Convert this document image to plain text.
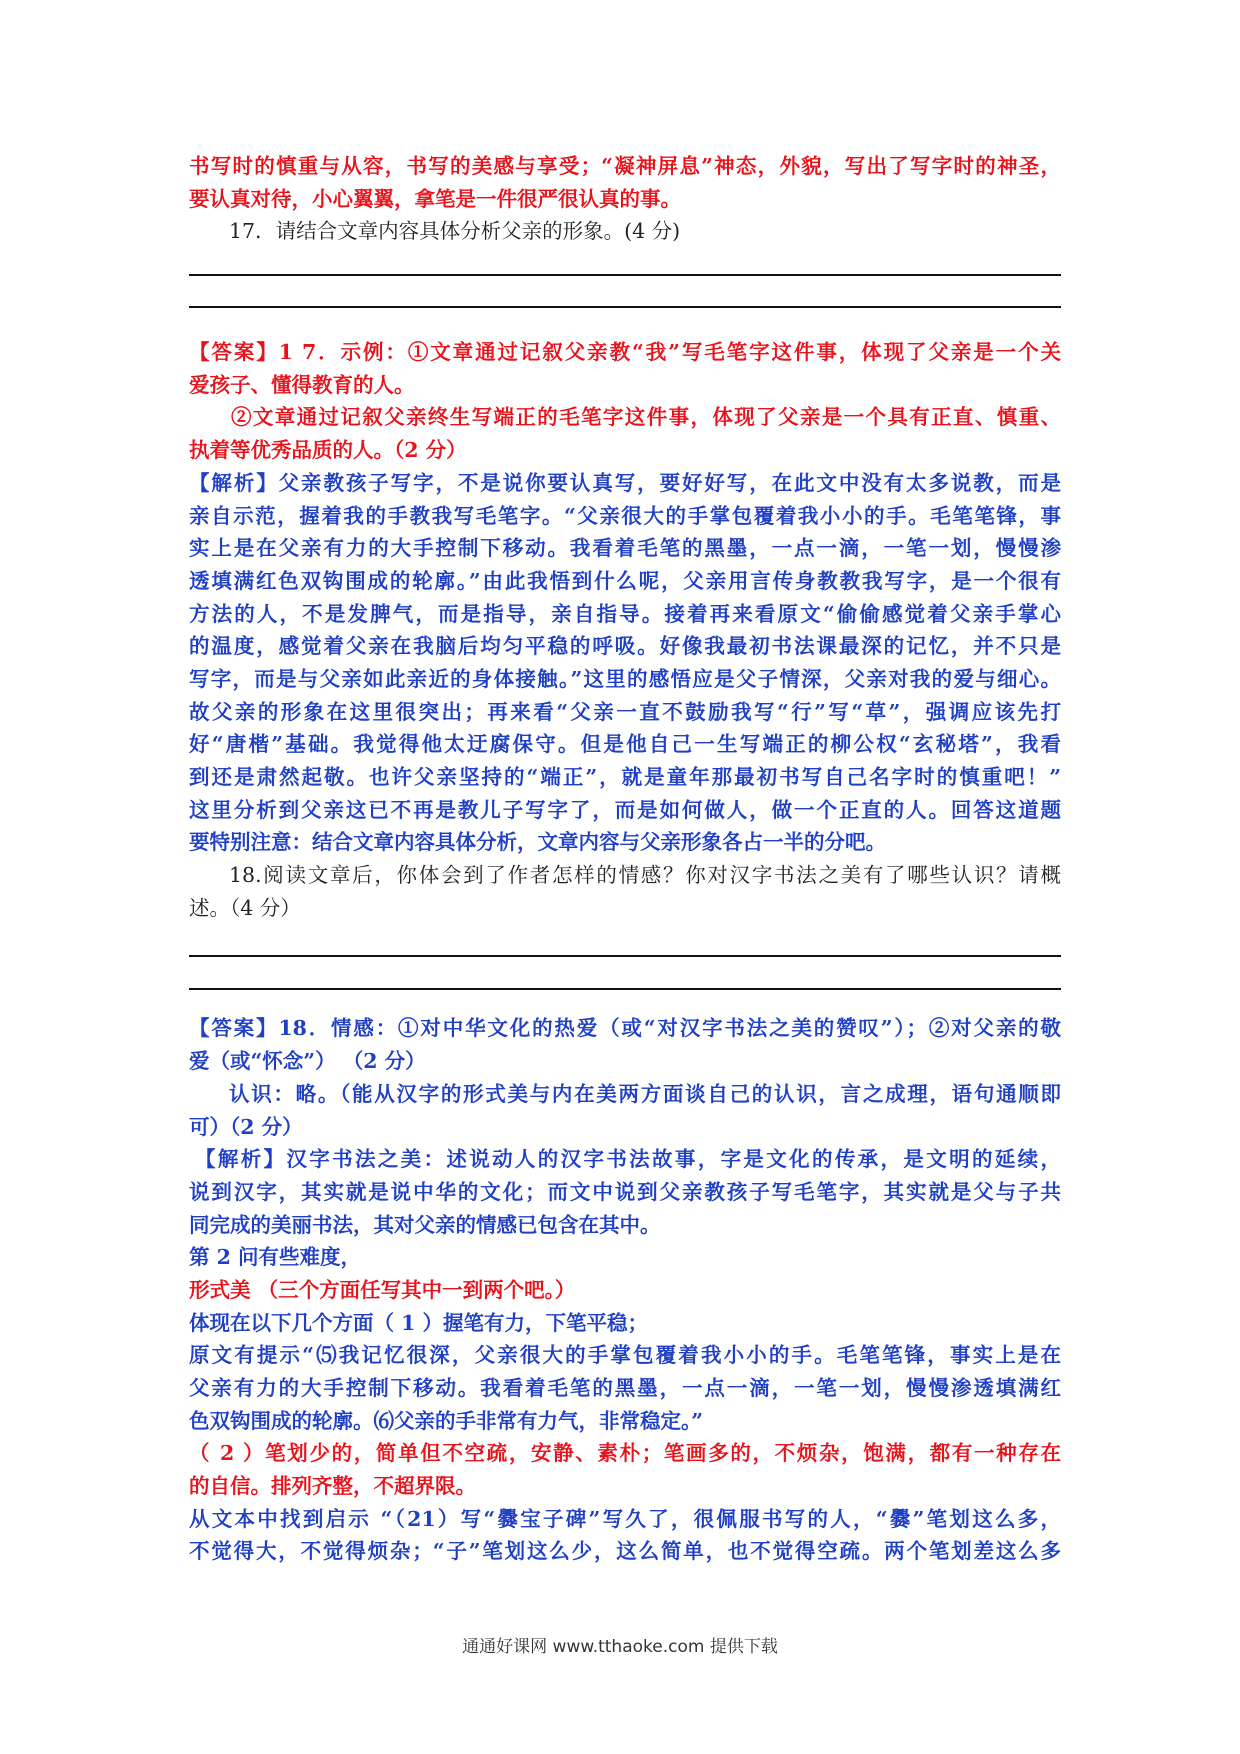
书写时的慎重与从容，书写的美感与享受；“凝神屏息”神态，外貌，写出了写字时的神圣，
要认真对待，小心翼翼，拿笔是一件很严很认真的事。
17．请结合文章内容具体分析父亲的形象。(4 分)
【答案】1 7．示例：①文章通过记叙父亲教“我”写毛笔字这件事，体现了父亲是一个关
爱孩子、懂得教育的人。
②文章通过记叙父亲终生写端正的毛笔字这件事，体现了父亲是一个具有正直、慎重、
执着等优秀品质的人。（2 分）
【解析】父亲教孩子写字，不是说你要认真写，要好好写，在此文中没有太多说教，而是
亲自示范，握着我的手教我写毛笔字。“父亲很大的手掌包覆着我小小的手。毛笔笔锋，事
实上是在父亲有力的大手控制下移动。我看着毛笔的黑墨，一点一滴，一笔一划，慢慢渗
透填满红色双钩围成的轮廓。”由此我悟到什么呢，父亲用言传身教教我写字，是一个很有
方法的人，不是发脾气，而是指导，亲自指导。接着再来看原文“偷偷感觉着父亲手掌心
的温度，感觉着父亲在我脑后均匀平稳的呼吸。好像我最初书法课最深的记忆，并不只是
写字，而是与父亲如此亲近的身体接触。”这里的感悟应是父子情深，父亲对我的爱与细心。
故父亲的形象在这里很突出；再来看“父亲一直不鼓励我写“行”写“草”，强调应该先打
好“唐楷”基础。我觉得他太迂腐保守。但是他自己一生写端正的柳公权“玄秘塔”，我看
到还是肃然起敬。也许父亲坚持的“端正”，就是童年那最初书写自己名字时的慎重吧！”
这里分析到父亲这已不再是教儿子写字了，而是如何做人，做一个正直的人。回答这道题
要特别注意：结合文章内容具体分析，文章内容与父亲形象各占一半的分吧。
18.阅读文章后，你体会到了作者怎样的情感？你对汉字书法之美有了哪些认识？请概
述。（4 分）
【答案】18．情感：①对中华文化的热爱（或“对汉字书法之美的赞叹”）；②对父亲的敬
爱（或“怀念”） （2 分）
认识：略。（能从汉字的形式美与内在美两方面谈自己的认识，言之成理，语句通顺即
可）（2 分）
【解析】汉字书法之美：述说动人的汉字书法故事，字是文化的传承，是文明的延续，
说到汉字，其实就是说中华的文化；而文中说到父亲教孩子写毛笔字，其实就是父与子共
同完成的美丽书法，其对父亲的情感已包含在其中。
第 2 问有些难度，
形式美 （三个方面任写其中一到两个吧。）
体现在以下几个方面（ 1 ）握笔有力，下笔平稳；
原文有提示“⑸我记忆很深，父亲很大的手掌包覆着我小小的手。毛笔笔锋，事实上是在
父亲有力的大手控制下移动。我看着毛笔的黑墨，一点一滴，一笔一划，慢慢渗透填满红
色双钩围成的轮廓。⑹父亲的手非常有力气，非常稳定。”
（ 2 ）笔划少的，简单但不空疏，安静、素朴；笔画多的，不烦杂，饱满，都有一种存在
的自信。排列齐整，不超界限。
从文本中找到启示 “（21）写“爨宝子碑”写久了，很佩服书写的人，“爨”笔划这么多，
不觉得大，不觉得烦杂；“子”笔划这么少，这么简单，也不觉得空疏。两个笔划差这么多
通通好课网 www.tthaoke.com 提供下载
